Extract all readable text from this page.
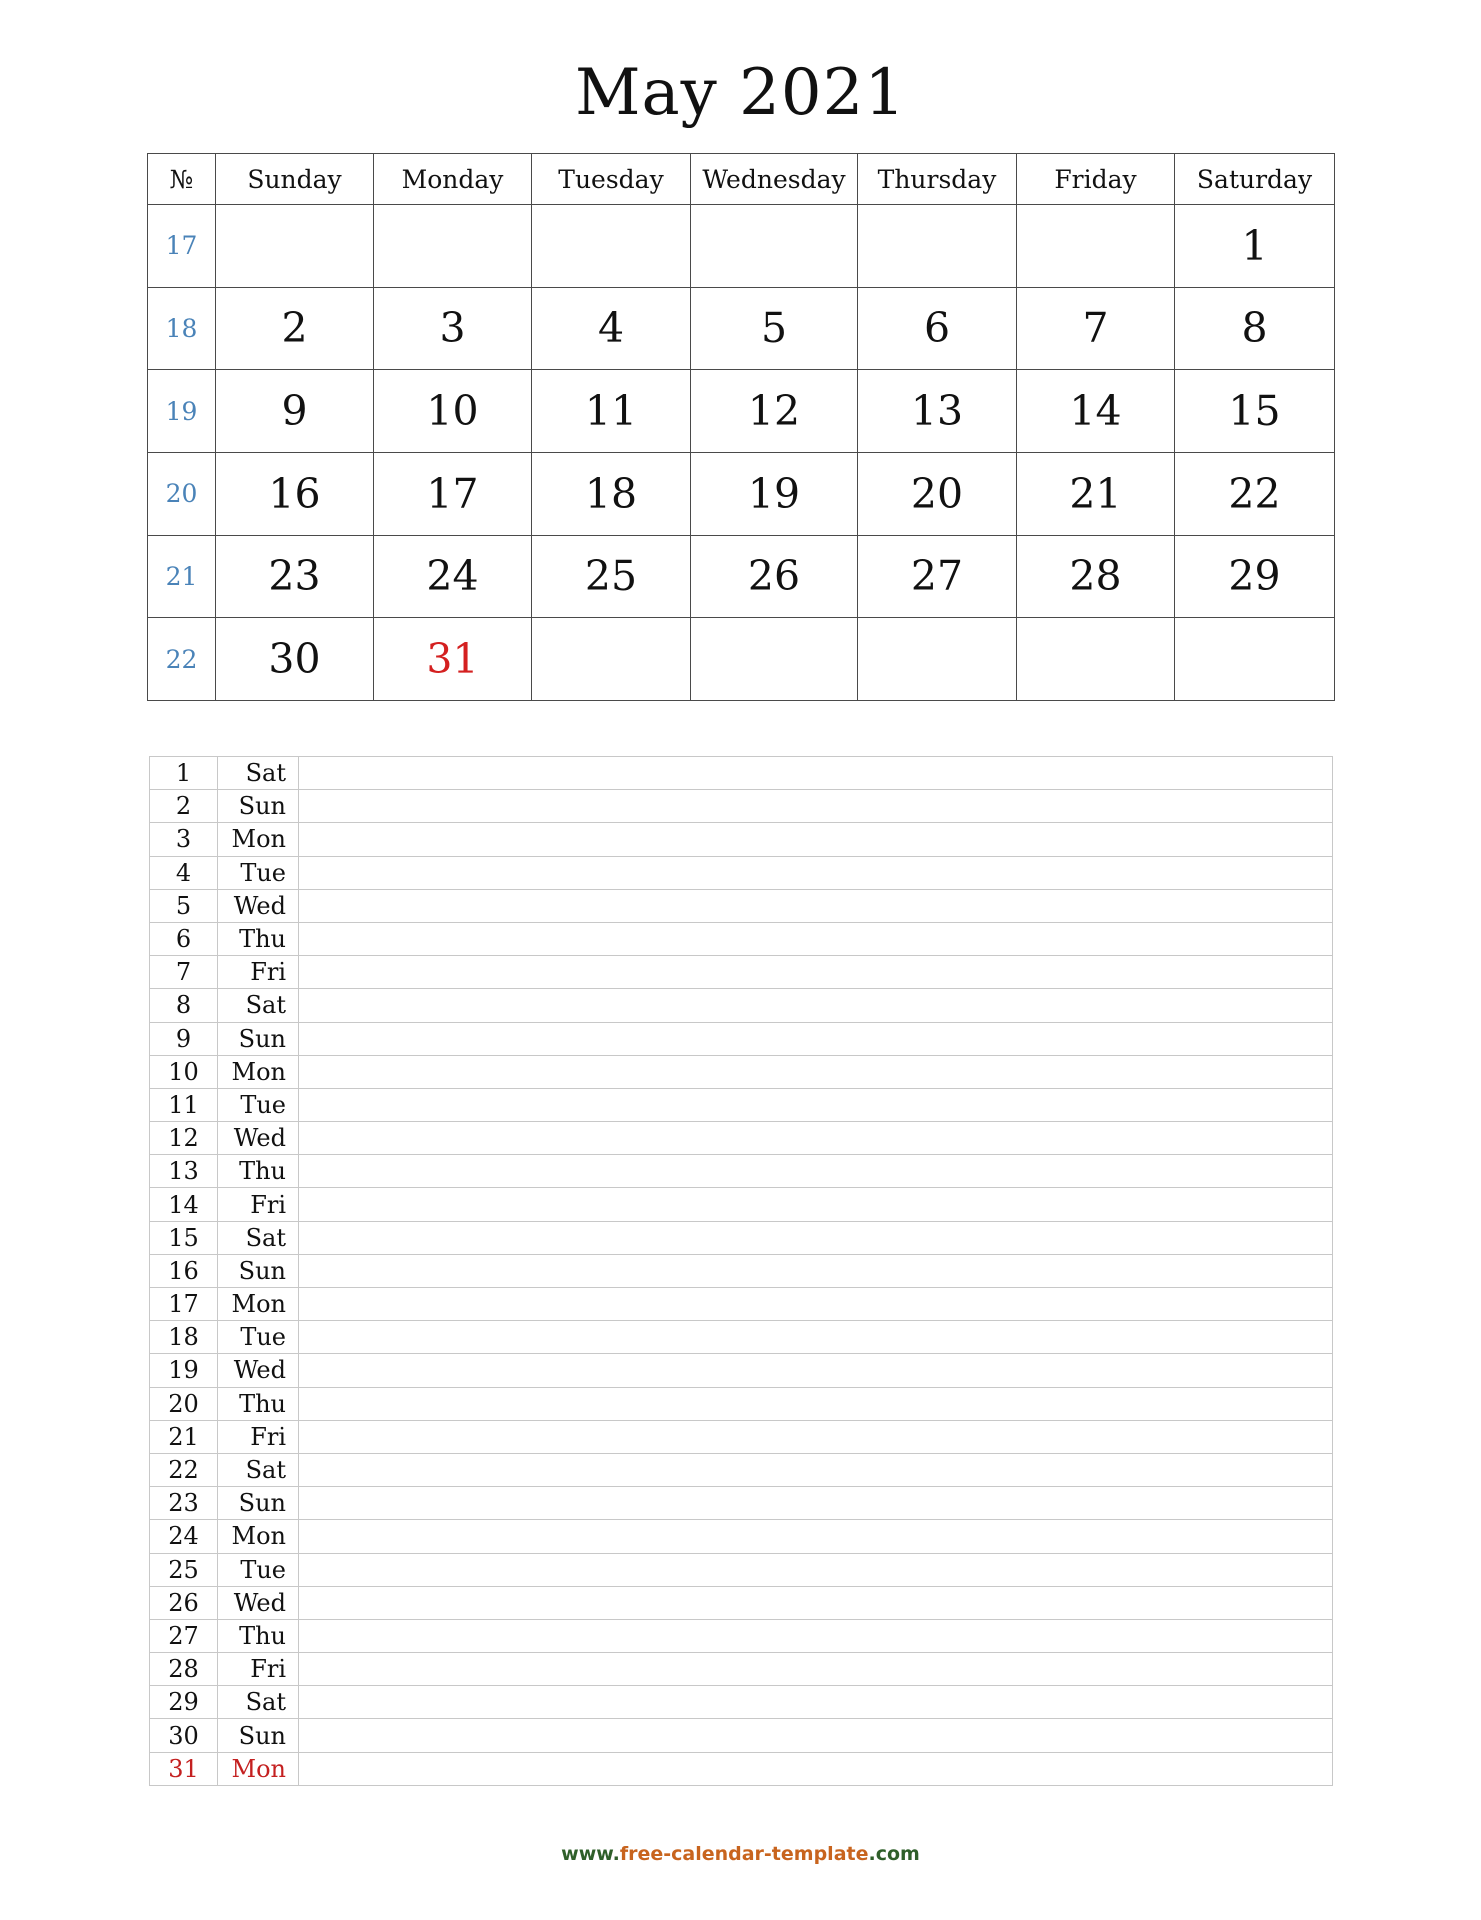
May 2021
№	Sunday	Monday	Tuesday	Wednesday	Thursday	Friday	Saturday
17							1
18	2	3	4	5	6	7	8
19	9	10	11	12	13	14	15
20	16	17	18	19	20	21	22
21	23	24	25	26	27	28	29
22	30	31					
1	Sat	
2	Sun	
3	Mon	
4	Tue	
5	Wed	
6	Thu	
7	Fri	
8	Sat	
9	Sun	
10	Mon	
11	Tue	
12	Wed	
13	Thu	
14	Fri	
15	Sat	
16	Sun	
17	Mon	
18	Tue	
19	Wed	
20	Thu	
21	Fri	
22	Sat	
23	Sun	
24	Mon	
25	Tue	
26	Wed	
27	Thu	
28	Fri	
29	Sat	
30	Sun	
31	Mon	
www.free-calendar-template.com
